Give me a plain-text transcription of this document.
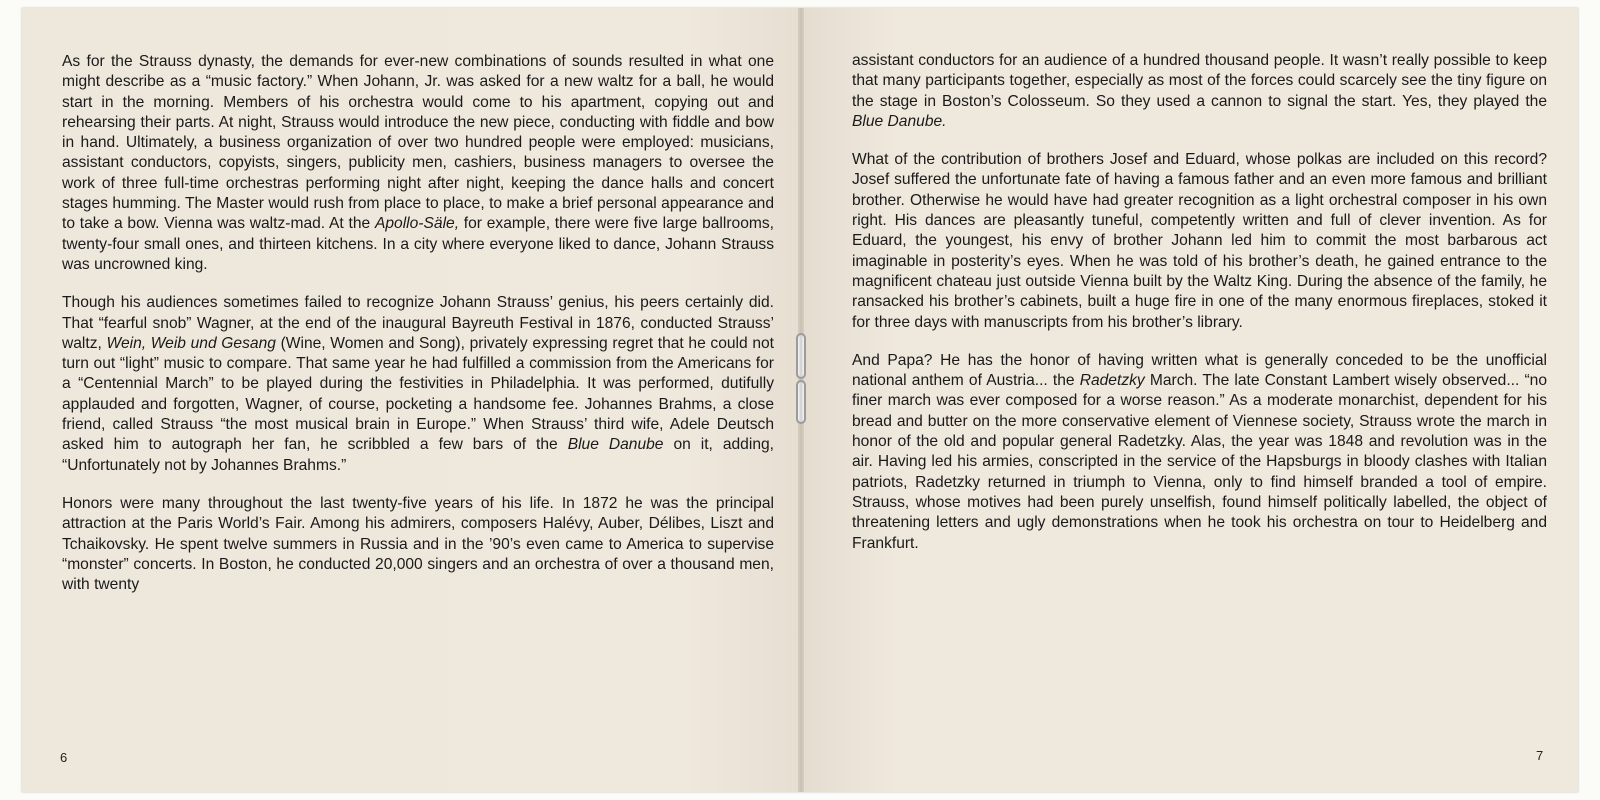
As for the Strauss dynasty, the demands for ever-new combinations of sounds resulted in what one might describe as a “music factory.” When Johann, Jr. was asked for a new waltz for a ball, he would start in the morning. Members of his orchestra would come to his apartment, copying out and rehearsing their parts. At night, Strauss would introduce the new piece, conducting with fiddle and bow in hand. Ultimately, a business organization of over two hundred people were employed: musicians, assistant conductors, copyists, singers, publicity men, cashiers, business managers to oversee the work of three full-time orchestras performing night after night, keeping the dance halls and concert stages humming. The Master would rush from place to place, to make a brief personal appearance and to take a bow. Vienna was waltz-mad. At the Apollo-Säle, for example, there were five large ballrooms, twenty-four small ones, and thirteen kitchens. In a city where everyone liked to dance, Johann Strauss was uncrowned king.

Though his audiences sometimes failed to recognize Johann Strauss’ genius, his peers certainly did. That “fearful snob” Wagner, at the end of the inaugural Bayreuth Festival in 1876, conducted Strauss’ waltz, Wein, Weib und Gesang (Wine, Women and Song), privately expressing regret that he could not turn out “light” music to compare. That same year he had fulfilled a commission from the Americans for a “Centennial March” to be played during the festivities in Philadelphia. It was performed, dutifully applauded and forgotten, Wagner, of course, pocketing a handsome fee. Johannes Brahms, a close friend, called Strauss “the most musical brain in Europe.” When Strauss’ third wife, Adele Deutsch asked him to autograph her fan, he scribbled a few bars of the Blue Danube on it, adding, “Unfortunately not by Johannes Brahms.”

Honors were many throughout the last twenty-five years of his life. In 1872 he was the principal attraction at the Paris World’s Fair. Among his admirers, composers Halévy, Auber, Délibes, Liszt and Tchaikovsky. He spent twelve summers in Russia and in the ’90’s even came to America to supervise “monster” concerts. In Boston, he conducted 20,000 singers and an orchestra of over a thousand men, with twenty

6

assistant conductors for an audience of a hundred thousand people. It wasn’t really possible to keep that many participants together, especially as most of the forces could scarcely see the tiny figure on the stage in Boston’s Colosseum. So they used a cannon to signal the start. Yes, they played the Blue Danube.

What of the contribution of brothers Josef and Eduard, whose polkas are included on this record? Josef suffered the unfortunate fate of having a famous father and an even more famous and brilliant brother. Otherwise he would have had greater recognition as a light orchestral composer in his own right. His dances are pleasantly tuneful, competently written and full of clever invention. As for Eduard, the youngest, his envy of brother Johann led him to commit the most barbarous act imaginable in posterity’s eyes. When he was told of his brother’s death, he gained entrance to the magnificent chateau just outside Vienna built by the Waltz King. During the absence of the family, he ransacked his brother’s cabinets, built a huge fire in one of the many enormous fireplaces, stoked it for three days with manuscripts from his brother’s library.

And Papa? He has the honor of having written what is generally conceded to be the unofficial national anthem of Austria... the Radetzky March. The late Constant Lambert wisely observed... “no finer march was ever composed for a worse reason.” As a moderate monarchist, dependent for his bread and butter on the more conservative element of Viennese society, Strauss wrote the march in honor of the old and popular general Radetzky. Alas, the year was 1848 and revolution was in the air. Having led his armies, conscripted in the service of the Hapsburgs in bloody clashes with Italian patriots, Radetzky returned in triumph to Vienna, only to find himself branded a tool of empire. Strauss, whose motives had been purely unselfish, found himself politically labelled, the object of threatening letters and ugly demonstrations when he took his orchestra on tour to Heidelberg and Frankfurt.

7
